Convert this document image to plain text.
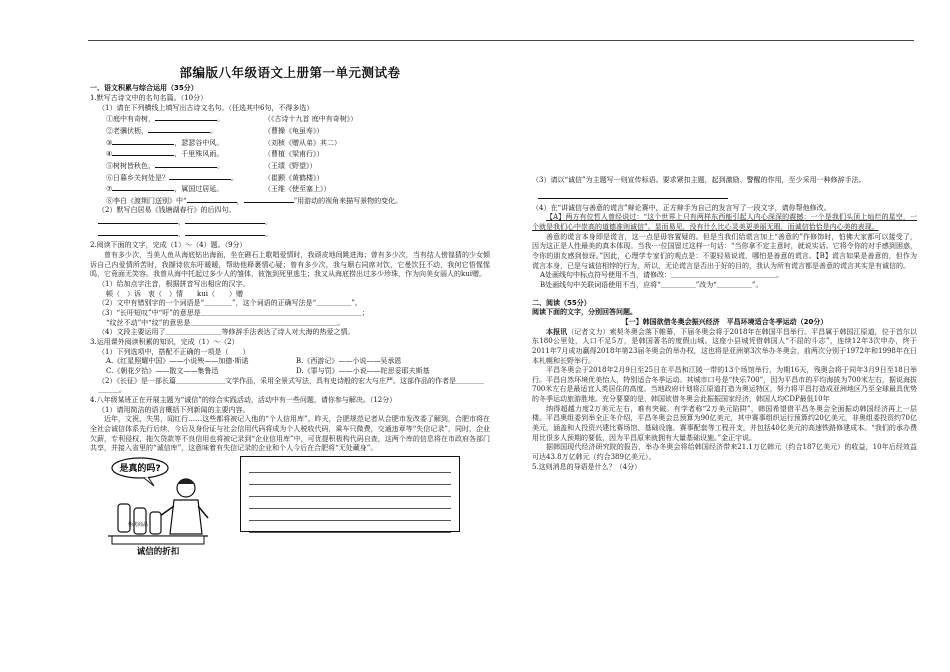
部编版八年级语文上册第一单元测试卷
一、语文积累与综合运用（35分）
1.默写古诗文中的名句名篇。（10分）
（1）请在下列横线上填写出古诗文名句。（任选其中6句，不得多选）
①庭中有奇树，	。	（《古诗十九首 庭中有奇树》）
②老骥伏枥，	。	（曹操《龟虽寿》）
③	，瑟瑟谷中风。	（刘桢《赠从弟》其二）
④	，千里殊风雨。	（曹植《梁甫行》）
⑤树树皆秋色，	。	（王绩《野望》）
⑥日暮乡关何处是？	。	（崔颢《黄鹤楼》）
⑦	，属国过居延。	（王维《使至塞上》）
⑧李白《渡荆门送别》中“	，	”用游动的视角来描写景物的变化。
（2）默写白居易《钱塘湖春行》的后四句。
，	。
，	。
2.阅读下面的文字，完成（1）～（4）题。（9分）
曾有多少次，当美人鱼从海底钻出海面，坐在礁石上歌唱爱情时，我顽皮地间跳进海；曾有多少次，当有结人傍徨猜的少女倾诉自己内爱情所苦时，我撷诗依东吁暖暖，帮助他释裹情心疑；曾有多少次，我与顺右同席对饮，它曼饮狂不动，我何它悟惺惺呜，它竟面无笑容。我曾从海中托起过多少人的雏体，彼饱到死里逃生；我又从海底捞出过多少珍珠，作为向美女丽人的kui赠。
（1）给加点字注音，根据拼音写出相应的汉字。
顿（　）诉　衷（　）情　　kui（　　）赠
（2）文中有错别字的一个词语是“＿＿＿＿”，这个词语的正确写法是“＿＿＿＿＿”。
（3）“长吁短叹”中“吁”的意思是＿＿＿＿＿＿＿＿＿＿＿＿＿＿＿＿＿＿＿＿＿＿＿；
“纹丝不动”中“纹”的意思是＿＿＿＿＿＿＿＿＿＿＿＿＿＿＿＿＿＿＿＿＿。
（4）文段主要运用了＿＿＿＿＿＿＿＿等修辞手法表达了诗人对大海的热爱之情。
3.运用课外阅读积累的知识，完成（1）～（2）
（1）下列选项中，搭配不正确的一项是（　　）
A.《红星照耀中国》——小说殃——加德·斯诺	B.《西游记》——小说——吴承恩
C.《朝花夕拾》——散文——集鲁迅	D.《罪与罚》——小说——陀思妥耶夫斯基
（2）《长征》是一部长篇＿＿＿＿＿＿＿文学作品，采用全景式写法，具有史诗般的宏大与庄严。这部作品的作者是＿＿＿＿＿＿＿。
4.八年级某班正在开展主题为“诚信”的综合实践活动，活动中有一些问题，请你参与解决。（12分）
（1）请用简洁的语言概括下列新闻的主要内容。
近年，文祝，失男，闻红行……这些都将被记入他的“个人信用库”。昨天，合肥规范记者从合肥市发改委了解到，合肥市将在全社会诚信体系先行后续，今后及身份证与社会信用代码将成为个人税收代码，乘车只微费，交通违章等“失信记录”，同时，企业欠薪，专利侵权，拖欠贷款等不良信用也将被记录到“企业信用库”中，可优提积极构代码自查，这两个库的信息将在市政府各部门共享，并接入省里的“诚信库”，这意味着有失信记录的企业和个人今后在合肥将“无处藏身”。
是真的吗?
伪劣商品
诚信的折扣
（3）请以“诚信”为主题写一则宣传标语。要求紧扣主题，起到激励、警醒的作用，至少采用一种修辞手法。
（4）在“讲诚信与善意的谎言”辩论赛中，正方辩手为自己的发言写了一段文字，请你帮他修改。
【A】两方有位哲人曾经说过：“这个世界上只有两样东西能引起人内心深深的震撼：一个是我们头顶上灿烂的星空，一个就是我们心中崇高的道德准则诚信”。显而易见，没有什么比心灵美更美丽无瑕，而诚信恰恰是内心美的表现。
善意的谎言本身即是谎言，这一点是毋容置疑的。但是当我们给谎言加上“善意的”作修饰时，怕佛大家都可以接受了，因为这正是人性最美的真本体现。当我·一位国留过这样一句话：“当你拿不定主意时，就说实话。它将令你的对手感到困惑，令你的朋友感到惊讶。”因此，心理学专家们的观点是：不要轻易说谎，哪怕是善意的谎言。【B】谎言如果是善意的，但作为谎言本身，已是与诚信相悖的行为，所以，无论谎言是否出于好的目的，我认为所有谎言都是善意的谎言其实是有诚信的。
A处画线句中标点符号使用不当，请修改：＿＿＿＿＿＿＿＿＿＿＿＿＿＿＿。
B处画线句中关联词语使用不当，应将“＿＿＿＿＿”改为“＿＿＿＿＿”。
二、阅读（55分）
阅读下面的文字，分别回答问题。
【一】韩国欲借冬奥会振兴经济　平昌环境适合冬季运动（20分）
本报讯（记者文力）索契冬奥会落下帷幕，下届冬奥会将于2018年在韩国平昌举行。平昌属于韩国江原道，位于首尔以东180公里处，人口不足5万，是韩国著名的度假山城。这座小县城凭借韩国人“不屈的斗志”，连续12年3次申办，终于2011年7月成功赢得2018年第23届冬奥会的举办权，这也将是亚洲第3次举办冬奥会，前两次分别于1972年和1998年在日本札幌和长野举行。
平昌冬奥会于2018年2月9日至25日在平昌和江陵一带的13个场馆举行，为期16天，残奥会将于同年3月9日至18日举行。平昌自然环境优美怡人，特别适合冬季运动。其城市口号是“快乐700”，因为平昌市的平均海拔为700米左右，据说海拔700米左右是最适宜人类居住的高度。当地政府计划将江原道打造为奥运特区，努力将平昌打造成亚洲地区乃至全球最具优势的冬季运动旅游胜地。充分要要的是，韩国欲借冬奥会此振振国家经济，韩国人均CDP最低10年
纳得超越力度2万美元左右，难有突破。有学者称“2万美元陷阱”，韩国希望借平昌冬奥会全面振动韩国经济再上一层楼。平昌奥组委到举全正冬介绍，平昌冬奥会总预算为90亿美元，其中赛事组织运行预算约20亿美元，非奥组委投资约70亿美元，涵盖和人投资兴建比赛场馆、基础设施、赛事配套等工程开支，并包括40亿美元的高速铁路修建成本。“我们的承办费用比很多人预期的要低，因为平昌原来就拥有大量基础设施。”金正宇说。
据韩国现代经济研究院的报告，举办冬奥会将给韩国经济带来21.1万亿韩元（约合187亿美元）的收益，10年后经效益可达43.8万亿韩元（约合389亿美元）。
5.这则消息的导语是什么？（4分）
